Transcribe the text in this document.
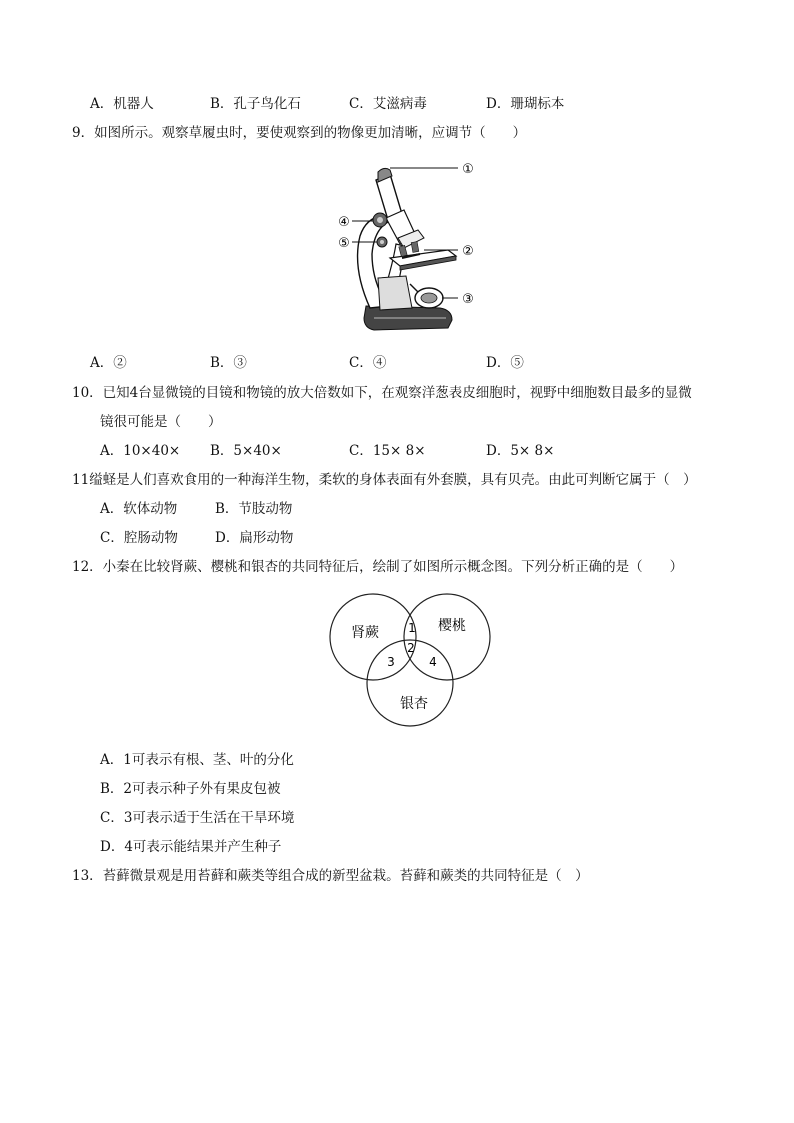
A．机器人	B．孔子鸟化石	C．艾滋病毒	D．珊瑚标本
9．如图所示。观察草履虫时，要使观察到的物像更加清晰，应调节（　　）
①
②
③
④
⑤
A．②	B．③	C．④	D．⑤
10．已知4台显微镜的目镜和物镜的放大倍数如下，在观察洋葱表皮细胞时，视野中细胞数目最多的显微
镜很可能是（　　）
A．10×40× B．5×40×	C．15× 8×	D．5× 8×
11缢蛏是人们喜欢食用的一种海洋生物，柔软的身体表面有外套膜，具有贝壳。由此可判断它属于（　）
A．软体动物	B．节肢动物
C．腔肠动物	D．扁形动物
12．小秦在比较肾蕨、樱桃和银杏的共同特征后，绘制了如图所示概念图。下列分析正确的是（　　）
肾蕨	樱桃
银杏
1
2
3	4
A．1可表示有根、茎、叶的分化
B．2可表示种子外有果皮包被
C．3可表示适于生活在干旱环境
D．4可表示能结果并产生种子
13．苔藓微景观是用苔藓和蕨类等组合成的新型盆栽。苔藓和蕨类的共同特征是（　）
